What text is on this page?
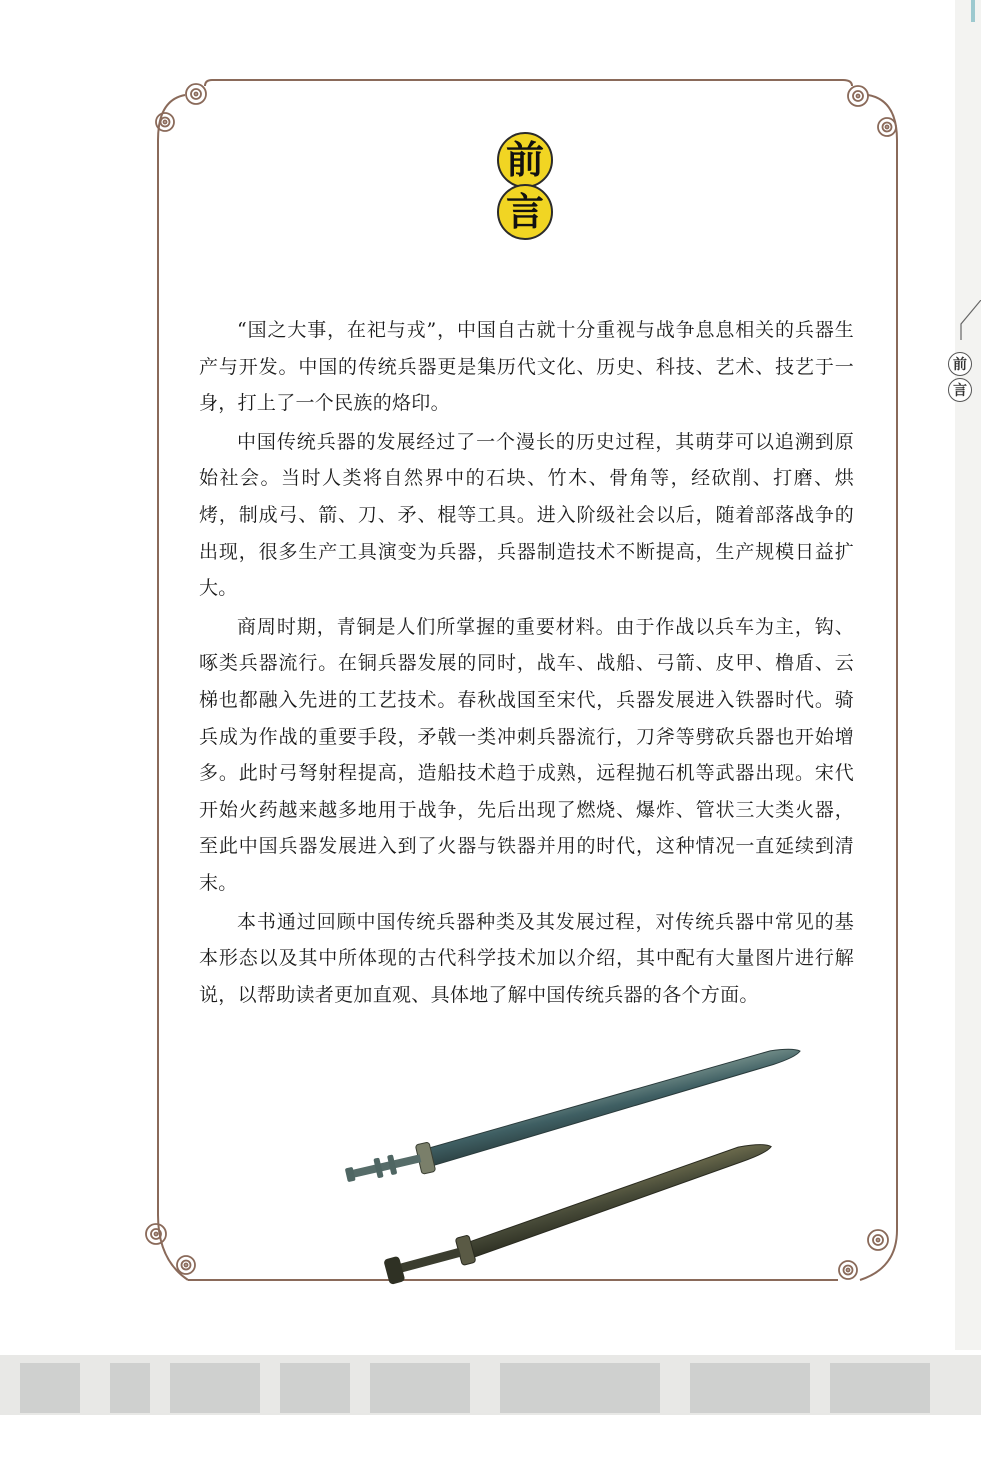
前
言
前
言

“国之大事，在祀与戎”，中国自古就十分重视与战争息息相关的兵器生产与开发。中国的传统兵器更是集历代文化、历史、科技、艺术、技艺于一身，打上了一个民族的烙印。

中国传统兵器的发展经过了一个漫长的历史过程，其萌芽可以追溯到原始社会。当时人类将自然界中的石块、竹木、骨角等，经砍削、打磨、烘烤，制成弓、箭、刀、矛、棍等工具。进入阶级社会以后，随着部落战争的出现，很多生产工具演变为兵器，兵器制造技术不断提高，生产规模日益扩大。

商周时期，青铜是人们所掌握的重要材料。由于作战以兵车为主，钩、啄类兵器流行。在铜兵器发展的同时，战车、战船、弓箭、皮甲、橹盾、云梯也都融入先进的工艺技术。春秋战国至宋代，兵器发展进入铁器时代。骑兵成为作战的重要手段，矛戟一类冲刺兵器流行，刀斧等劈砍兵器也开始增多。此时弓弩射程提高，造船技术趋于成熟，远程抛石机等武器出现。宋代开始火药越来越多地用于战争，先后出现了燃烧、爆炸、管状三大类火器，至此中国兵器发展进入到了火器与铁器并用的时代，这种情况一直延续到清末。

本书通过回顾中国传统兵器种类及其发展过程，对传统兵器中常见的基本形态以及其中所体现的古代科学技术加以介绍，其中配有大量图片进行解说，以帮助读者更加直观、具体地了解中国传统兵器的各个方面。
